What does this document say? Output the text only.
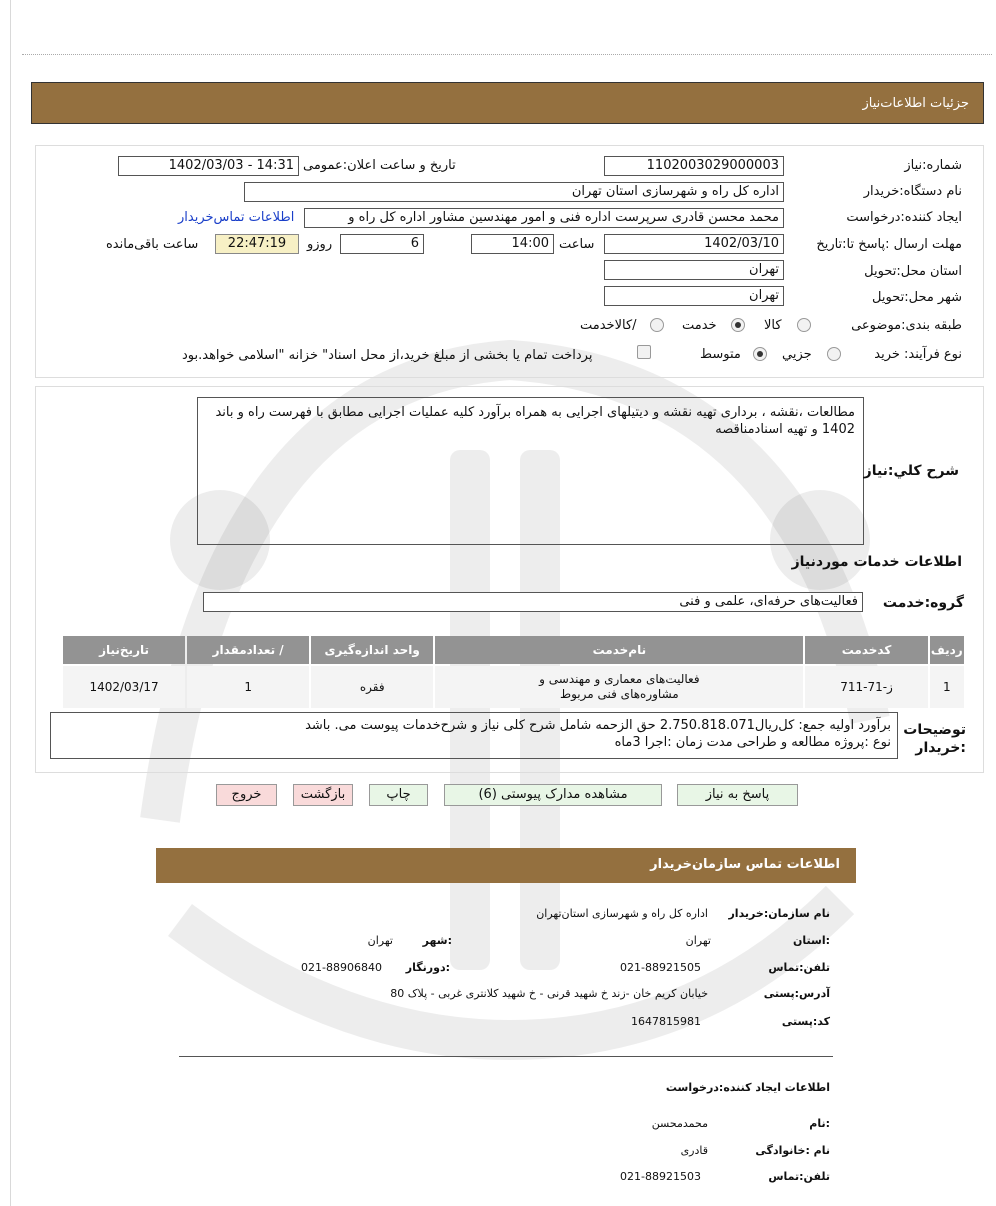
جزئیات اطلاعات‌نیاز
شماره:نیاز
1102003029000003
تاریخ و ساعت اعلان:عمومی
1402/03/03 - 14:31
نام دستگاه:خریدار
اداره کل راه و شهرسازی استان تهران
ایجاد کننده:درخواست
محمد محسن قادری سرپرست اداره فنی و امور مهندسین مشاور اداره کل راه و
اطلاعات تماس‌خریدار
مهلت ارسال :پاسخ تا:تاریخ
1402/03/10
ساعت
14:00
6
روزو
22:47:19
ساعت باقی‌مانده
استان محل:تحویل
تهران
شهر محل:تحویل
تهران
طبقه بندی:موضوعی
کالا
خدمت
/کالاخدمت
نوع فرآیند: خرید
جزیي
متوسط
پرداخت تمام یا بخشی از مبلغ خرید،از محل اسناد" خزانه "اسلامی خواهد.بود
مطالعات ،نقشه ، برداری تهیه نقشه و دیتیلهای اجرایی به همراه برآورد کلیه عملیات اجرایی مطابق با فهرست راه و باند 1402 و تهیه اسنادمناقصه
شرح کلي:نیاز
اطلاعات خدمات موردنیاز
گروه:خدمت
فعالیت‌های حرفه‌ای، علمی و فنی
ردیف	کدخدمت	نام‌خدمت	واحد اندازه‌گیری	/ تعدادمقدار	تاریخ‌نیاز
1	ز-71-711	فعالیت‌های معماری و مهندسی و مشاوره‌های فنی مربوط	فقره	1	1402/03/17
توضیحات :خریدار
برآورد اولیه جمع: کل‌ریال2.750.818.071 حق الزحمه شامل شرح کلی نیاز و شرح‌خدمات پیوست می. باشد
نوع :پروژه مطالعه و طراحی مدت زمان :اجرا 3ماه
پاسخ به نیاز
مشاهده مدارک پیوستی (6)
چاپ
بازگشت
خروج
اطلاعات تماس سازمان‌خریدار
نام سازمان:خریدار
اداره کل راه و شهرسازی استان‌تهران
:استان
تهران
:شهر
تهران
تلفن:تماس
021-88921505
:دورنگار
021-88906840
آدرس:پستی
خیابان کریم خان -زند خ شهید قرنی - خ شهید کلانتری غربی - پلاک 80
کد:پستی
1647815981
اطلاعات ایجاد کننده:درخواست
:نام
محمدمحسن
نام :خانوادگی
قادری
تلفن:تماس
021-88921503
